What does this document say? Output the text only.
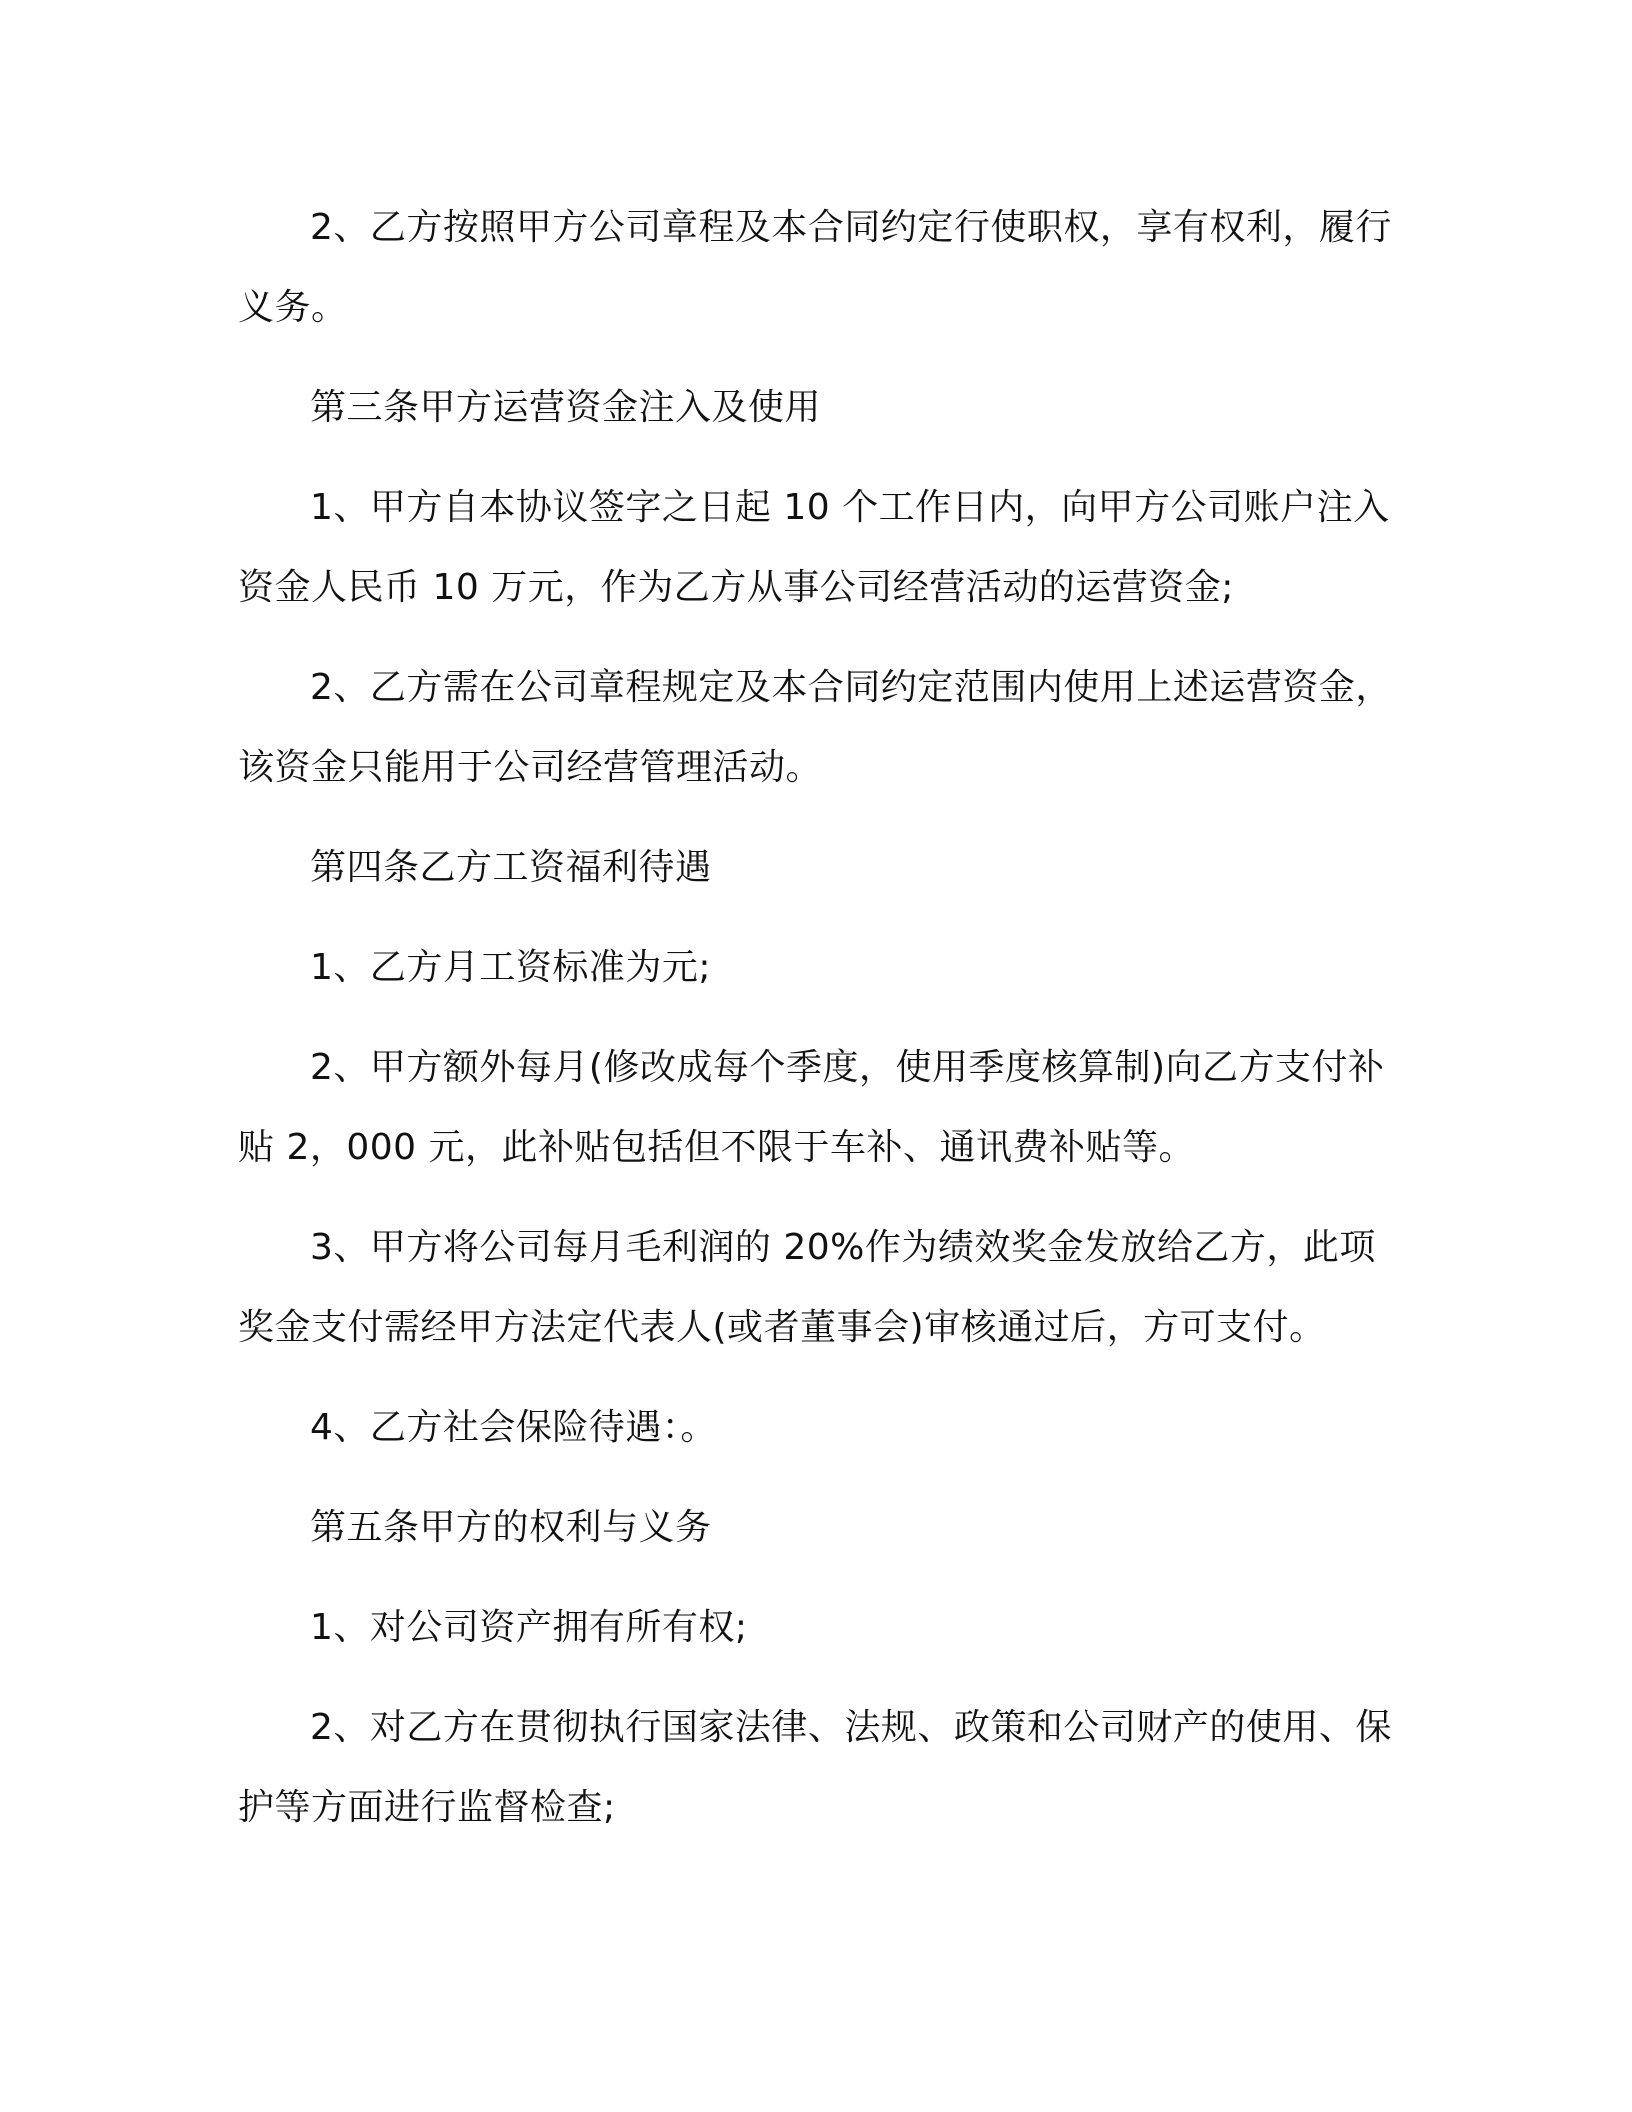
2、乙方按照甲方公司章程及本合同约定行使职权，享有权利，履行义务。

第三条甲方运营资金注入及使用

1、甲方自本协议签字之日起 10 个工作日内，向甲方公司账户注入资金人民币 10 万元，作为乙方从事公司经营活动的运营资金;

2、乙方需在公司章程规定及本合同约定范围内使用上述运营资金，该资金只能用于公司经营管理活动。

第四条乙方工资福利待遇

1、乙方月工资标准为元;

2、甲方额外每月(修改成每个季度，使用季度核算制)向乙方支付补贴 2，000 元，此补贴包括但不限于车补、通讯费补贴等。

3、甲方将公司每月毛利润的 20%作为绩效奖金发放给乙方，此项奖金支付需经甲方法定代表人(或者董事会)审核通过后，方可支付。

4、乙方社会保险待遇：。

第五条甲方的权利与义务

1、对公司资产拥有所有权;

2、对乙方在贯彻执行国家法律、法规、政策和公司财产的使用、保护等方面进行监督检查;
